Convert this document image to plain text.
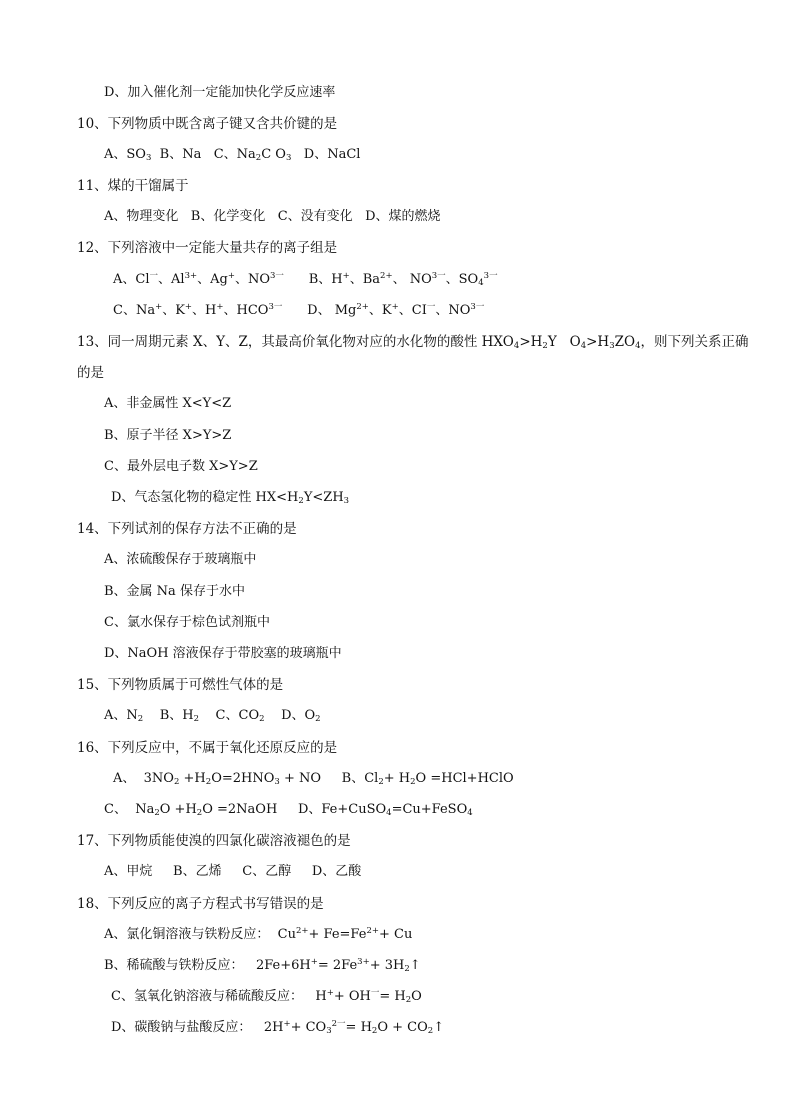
D、加入催化剂一定能加快化学反应速率
10、下列物质中既含离子键又含共价键的是
A、$SO_3$  B、Na   C、$Na_2C$ $O_3$   D、NaCl
11、煤的干馏属于
A、物理变化   B、化学变化   C、没有变化   D、煤的燃烧
12、下列溶液中一定能大量共存的离子组是
A、$Cl^一$、$Al^{3+}$、Ag+、$NO^{3一}$      B、H+、$Ba^{2+}$、 $NO^{3一}$、$SO_4^{3一}$
C、Na+、K+、H+、$HCO^{3一}$      D、 $Mg^{2+}$、K+、$CI^一$、$NO^{3一}$
13、同一周期元素 X、Y、Z，其最高价氧化物对应的水化物的酸性 $HXO_4>H_2Y$   $O_4>H_3ZO_4$，则下列关系正确
的是
A、非金属性 X<Y<Z
B、原子半径 X>Y>Z
C、最外层电子数 X>Y>Z
D、气态氢化物的稳定性 $HX<H_2Y<ZH_3$
14、下列试剂的保存方法不正确的是
A、浓硫酸保存于玻璃瓶中
B、金属 Na 保存于水中
C、氯水保存于棕色试剂瓶中
D、NaOH 溶液保存于带胶塞的玻璃瓶中
15、下列物质属于可燃性气体的是
A、$N_2$    B、$H_2$    C、$CO_2$    D、$O_2$
16、下列反应中，不属于氧化还原反应的是
A、  $3NO_2 +H_2O=2HNO_3$ + NO     B、$Cl_2+ H_2O$ =HCl+HClO
C、  $Na_2O +H_2O$ =2NaOH     D、Fe+CuSO$_4$=Cu+FeSO$_4$
17、下列物质能使溴的四氯化碳溶液褪色的是
A、甲烷     B、乙烯     C、乙醇     D、乙酸
18、下列反应的离子方程式书写错误的是
A、氯化铜溶液与铁粉反应：  $Cu^{2+}+ Fe=Fe^{2+}+ Cu$
B、稀硫酸与铁粉反应：   $2Fe+6H^+= 2Fe^{3+}+$ $3H_2↑$
C、氢氧化钠溶液与稀硫酸反应：   $H^++ OH^一= H_2O$
D、碳酸钠与盐酸反应：   $2H^++ CO_3^{2一}= H_2O$ + $CO_2↑$
